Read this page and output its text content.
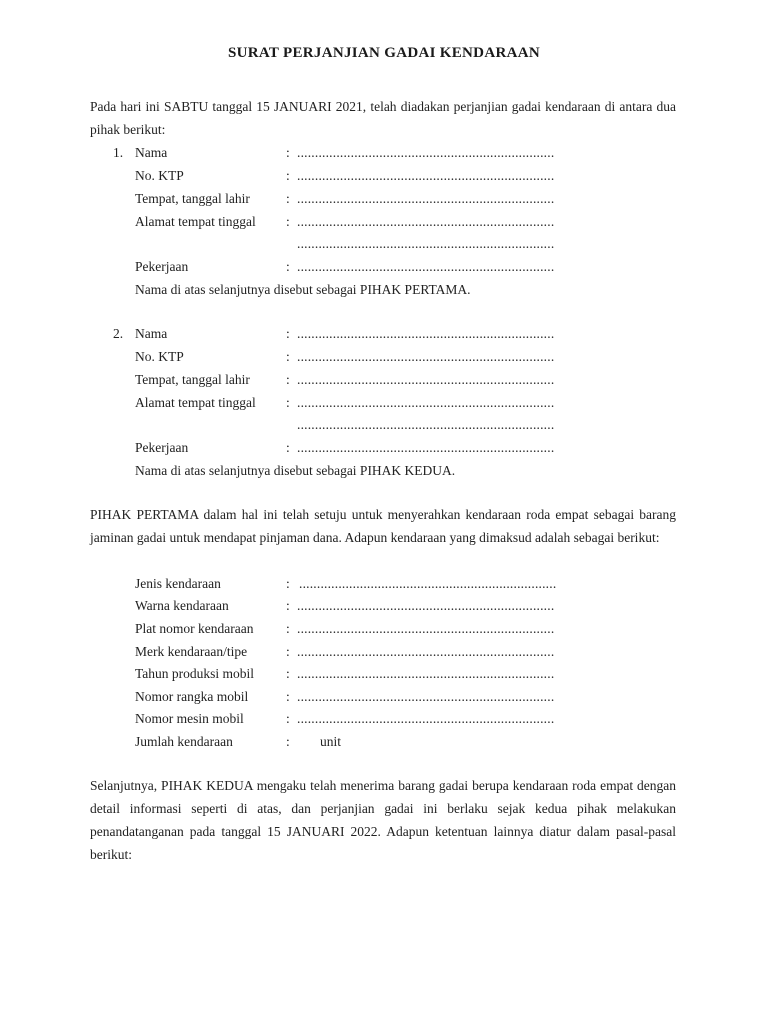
SURAT PERJANJIAN GADAI KENDARAAN
Pada hari ini SABTU tanggal 15 JANUARI 2021, telah diadakan perjanjian gadai kendaraan di antara dua pihak berikut:
1. Nama	: ........................................................................
No. KTP	: ........................................................................
Tempat, tanggal lahir	: ........................................................................
Alamat tempat tinggal : ........................................................................
........................................................................
Pekerjaan	: ........................................................................
Nama di atas selanjutnya disebut sebagai PIHAK PERTAMA.
2. Nama	: ........................................................................
No. KTP	: ........................................................................
Tempat, tanggal lahir	: ........................................................................
Alamat tempat tinggal : ........................................................................
........................................................................
Pekerjaan	: ........................................................................
Nama di atas selanjutnya disebut sebagai PIHAK KEDUA.
PIHAK PERTAMA dalam hal ini telah setuju untuk menyerahkan kendaraan roda empat sebagai barang jaminan gadai untuk mendapat pinjaman dana. Adapun kendaraan yang dimaksud adalah sebagai berikut:
Jenis kendaraan	: ........................................................................
Warna kendaraan	: ........................................................................
Plat nomor kendaraan : ........................................................................
Merk kendaraan/tipe	: ........................................................................
Tahun produksi mobil : ........................................................................
Nomor rangka mobil	: ........................................................................
Nomor mesin mobil	: ........................................................................
Jumlah kendaraan	: unit
Selanjutnya, PIHAK KEDUA mengaku telah menerima barang gadai berupa kendaraan roda empat dengan detail informasi seperti di atas, dan perjanjian gadai ini berlaku sejak kedua pihak melakukan penandatanganan pada tanggal 15 JANUARI 2022. Adapun ketentuan lainnya diatur dalam pasal-pasal berikut:
